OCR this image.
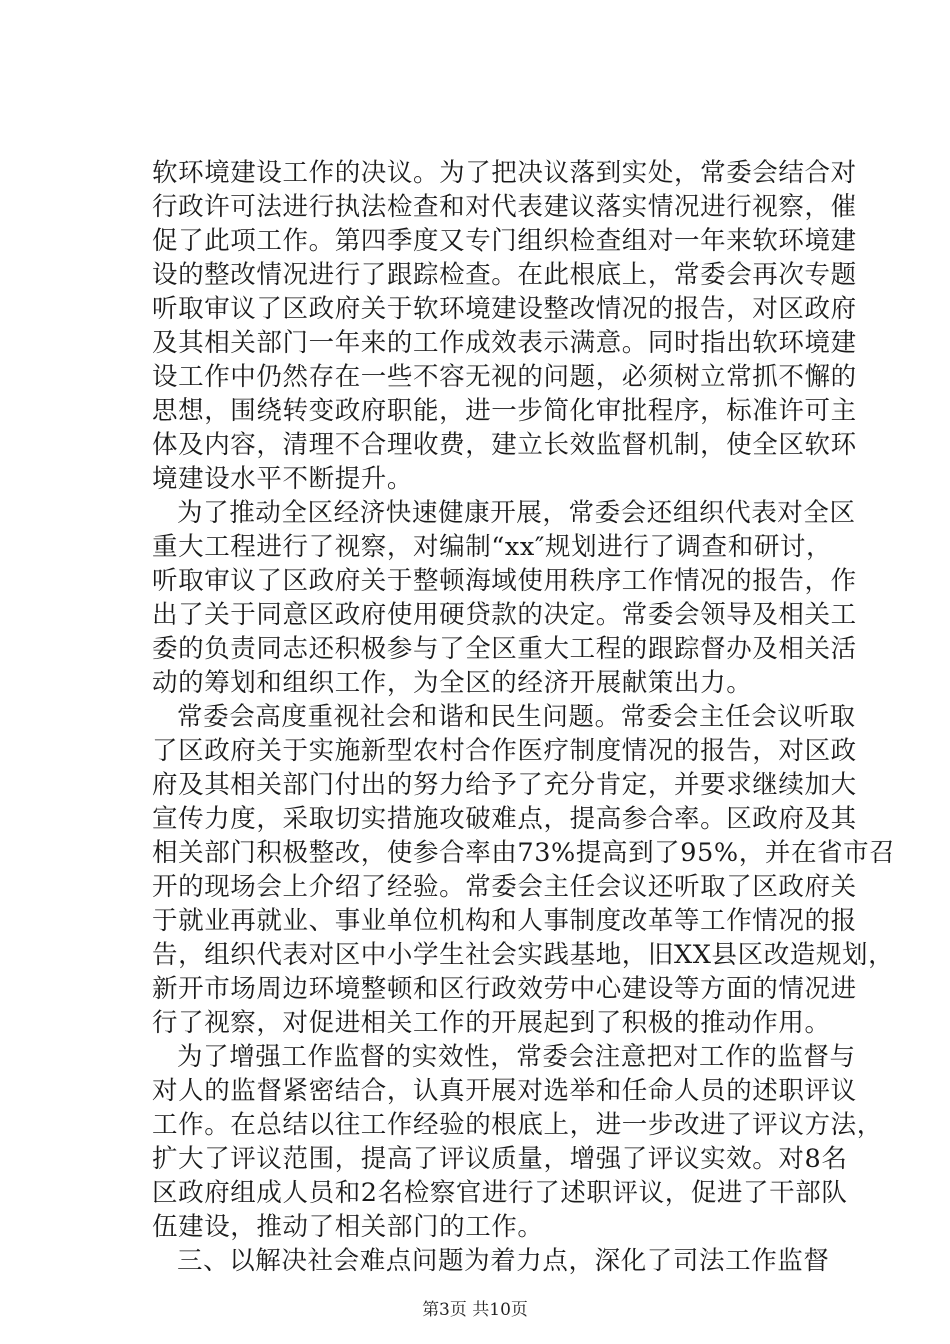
软环境建设工作的决议。为了把决议落到实处，常委会结合对
行政许可法进行执法检查和对代表建议落实情况进行视察，催
促了此项工作。第四季度又专门组织检查组对一年来软环境建
设的整改情况进行了跟踪检查。在此根底上，常委会再次专题
听取审议了区政府关于软环境建设整改情况的报告，对区政府
及其相关部门一年来的工作成效表示满意。同时指出软环境建
设工作中仍然存在一些不容无视的问题，必须树立常抓不懈的
思想，围绕转变政府职能，进一步简化审批程序，标准许可主
体及内容，清理不合理收费，建立长效监督机制，使全区软环
境建设水平不断提升。
为了推动全区经济快速健康开展，常委会还组织代表对全区
重大工程进行了视察，对编制“xx″规划进行了调查和研讨，
听取审议了区政府关于整顿海域使用秩序工作情况的报告，作
出了关于同意区政府使用硬贷款的决定。常委会领导及相关工
委的负责同志还积极参与了全区重大工程的跟踪督办及相关活
动的筹划和组织工作，为全区的经济开展献策出力。
常委会高度重视社会和谐和民生问题。常委会主任会议听取
了区政府关于实施新型农村合作医疗制度情况的报告，对区政
府及其相关部门付出的努力给予了充分肯定，并要求继续加大
宣传力度，采取切实措施攻破难点，提高参合率。区政府及其
相关部门积极整改，使参合率由73%提高到了95%，并在省市召
开的现场会上介绍了经验。常委会主任会议还听取了区政府关
于就业再就业、事业单位机构和人事制度改革等工作情况的报
告，组织代表对区中小学生社会实践基地，旧XX县区改造规划，
新开市场周边环境整顿和区行政效劳中心建设等方面的情况进
行了视察，对促进相关工作的开展起到了积极的推动作用。
为了增强工作监督的实效性，常委会注意把对工作的监督与
对人的监督紧密结合，认真开展对选举和任命人员的述职评议
工作。在总结以往工作经验的根底上，进一步改进了评议方法，
扩大了评议范围，提高了评议质量，增强了评议实效。对8名
区政府组成人员和2名检察官进行了述职评议，促进了干部队
伍建设，推动了相关部门的工作。
三、以解决社会难点问题为着力点，深化了司法工作监督
第3页 共10页
